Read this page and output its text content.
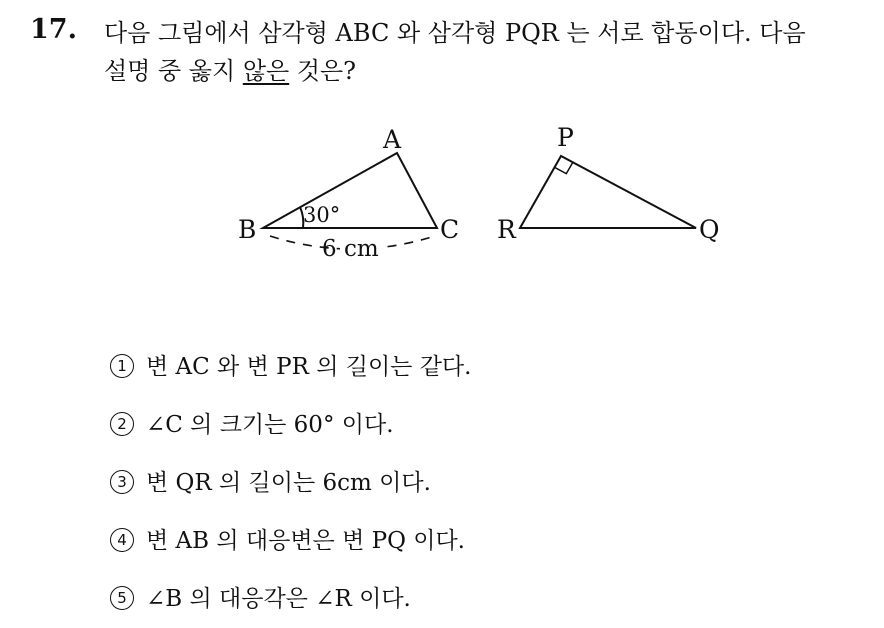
17. 다음 그림에서 삼각형 ABC 와 삼각형 PQR 는 서로 합동이다. 다음
설명 중 옳지 않은 것은?
A
B	C
30°
6 cm
P
Q
R
1 변 AC 와 변 PR 의 길이는 같다.
2 ∠C 의 크기는 60° 이다.
3 변 QR 의 길이는 6cm 이다.
4 변 AB 의 대응변은 변 PQ 이다.
5 ∠B 의 대응각은 ∠R 이다.
